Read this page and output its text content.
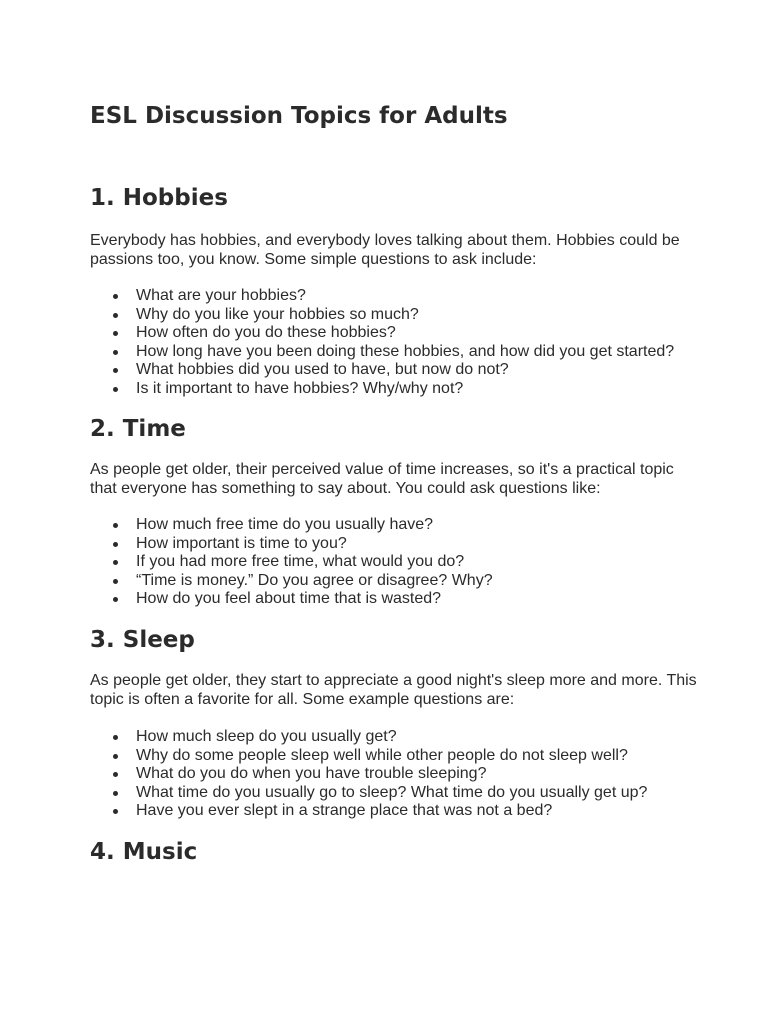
ESL Discussion Topics for Adults
1. Hobbies

Everybody has hobbies, and everybody loves talking about them. Hobbies could be
passions too, you know. Some simple questions to ask include:

What are your hobbies?
Why do you like your hobbies so much?
How often do you do these hobbies?
How long have you been doing these hobbies, and how did you get started?
What hobbies did you used to have, but now do not?
Is it important to have hobbies? Why/why not?
2. Time

As people get older, their perceived value of time increases, so it's a practical topic
that everyone has something to say about. You could ask questions like:

How much free time do you usually have?
How important is time to you?
If you had more free time, what would you do?
“Time is money.” Do you agree or disagree? Why?
How do you feel about time that is wasted?
3. Sleep

As people get older, they start to appreciate a good night's sleep more and more. This
topic is often a favorite for all. Some example questions are:

How much sleep do you usually get?
Why do some people sleep well while other people do not sleep well?
What do you do when you have trouble sleeping?
What time do you usually go to sleep? What time do you usually get up?
Have you ever slept in a strange place that was not a bed?
4. Music
